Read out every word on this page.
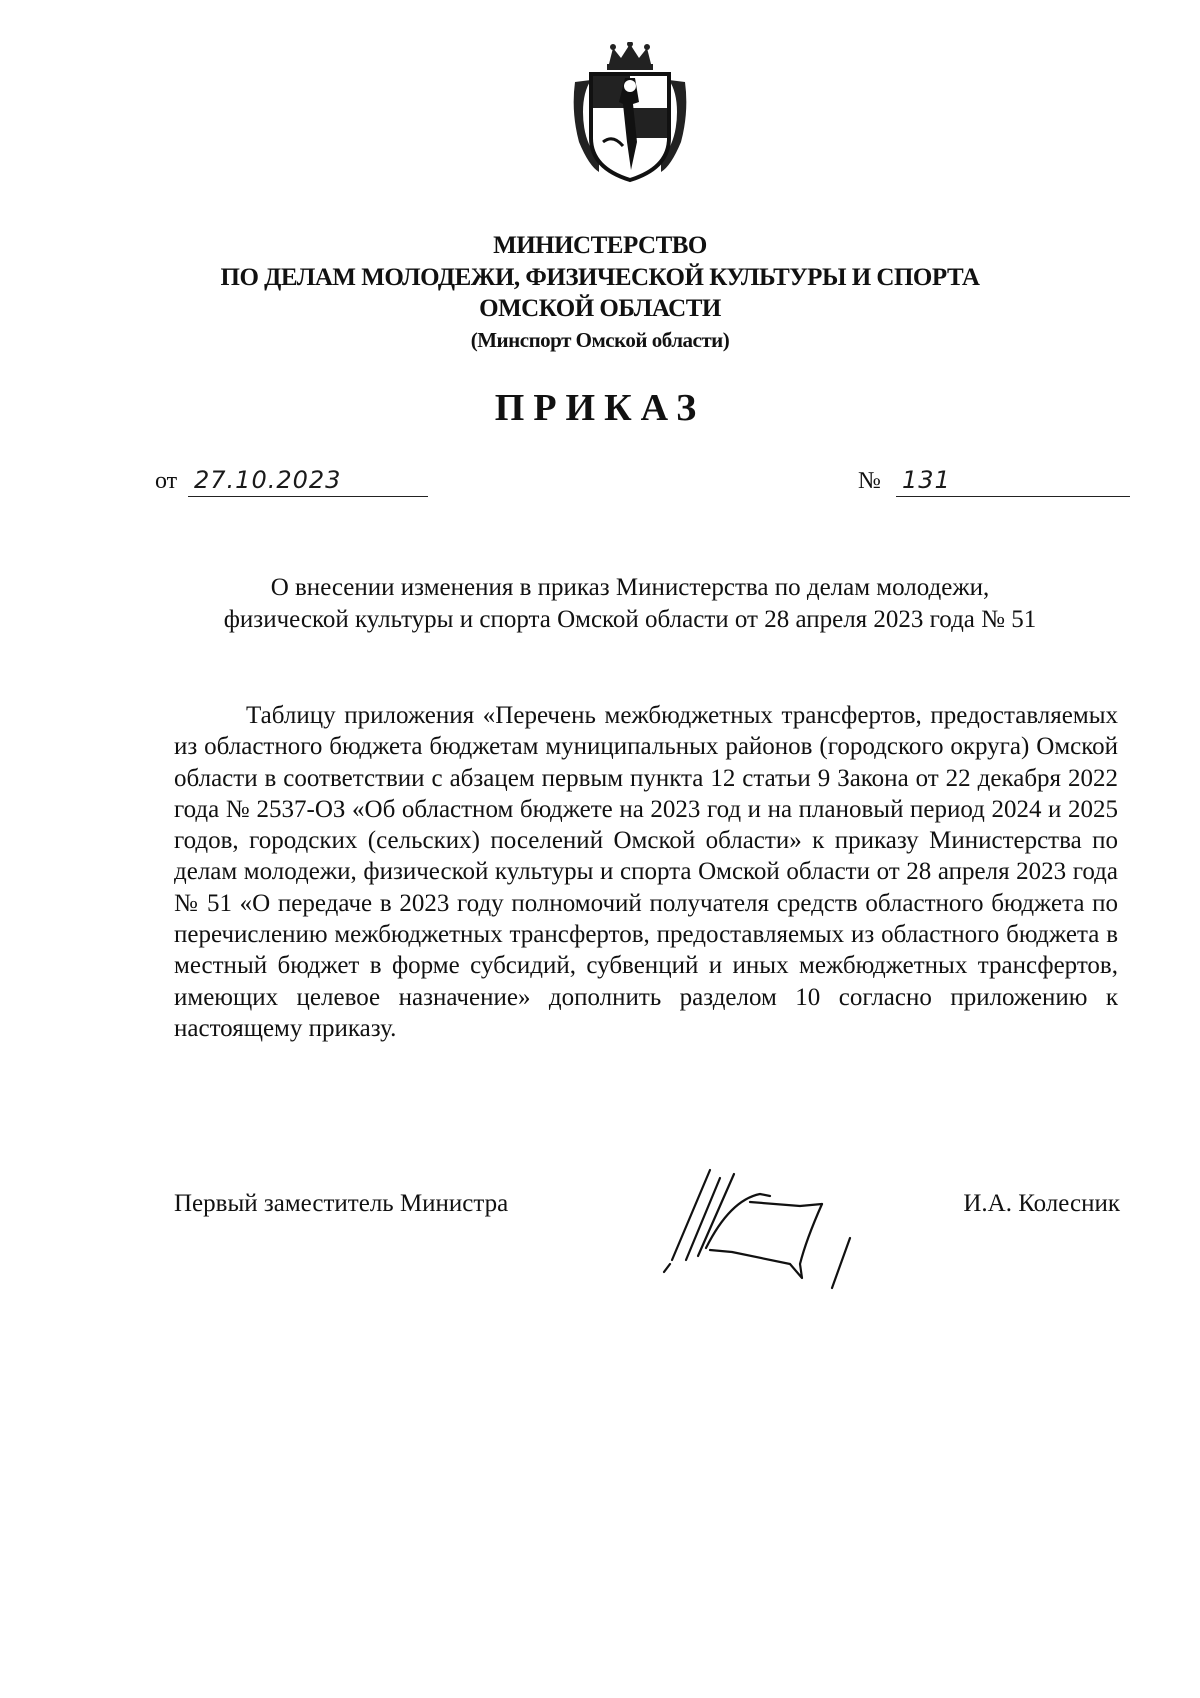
МИНИСТЕРСТВО
ПО ДЕЛАМ МОЛОДЕЖИ, ФИЗИЧЕСКОЙ КУЛЬТУРЫ И СПОРТА
ОМСКОЙ ОБЛАСТИ
(Минспорт Омской области)
ПРИКАЗ
от 27.10.2023	№ 131
О внесении изменения в приказ Министерства по делам молодежи,
физической культуры и спорта Омской области от 28 апреля 2023 года № 51

Таблицу приложения «Перечень межбюджетных трансфертов, предоставляемых из областного бюджета бюджетам муниципальных районов (городского округа) Омской области в соответствии с абзацем первым пункта 12 статьи 9 Закона от 22 декабря 2022 года № 2537-ОЗ «Об областном бюджете на 2023 год и на плановый период 2024 и 2025 годов, городских (сельских) поселений Омской области» к приказу Министерства по делам молодежи, физической культуры и спорта Омской области от 28 апреля 2023 года № 51 «О передаче в 2023 году полномочий получателя средств областного бюджета по перечислению межбюджетных трансфертов, предоставляемых из областного бюджета в местный бюджет в форме субсидий, субвенций и иных межбюджетных трансфертов, имеющих целевое назначение» дополнить разделом 10 согласно приложению к настоящему приказу.

Первый заместитель Министра	И.А. Колесник
